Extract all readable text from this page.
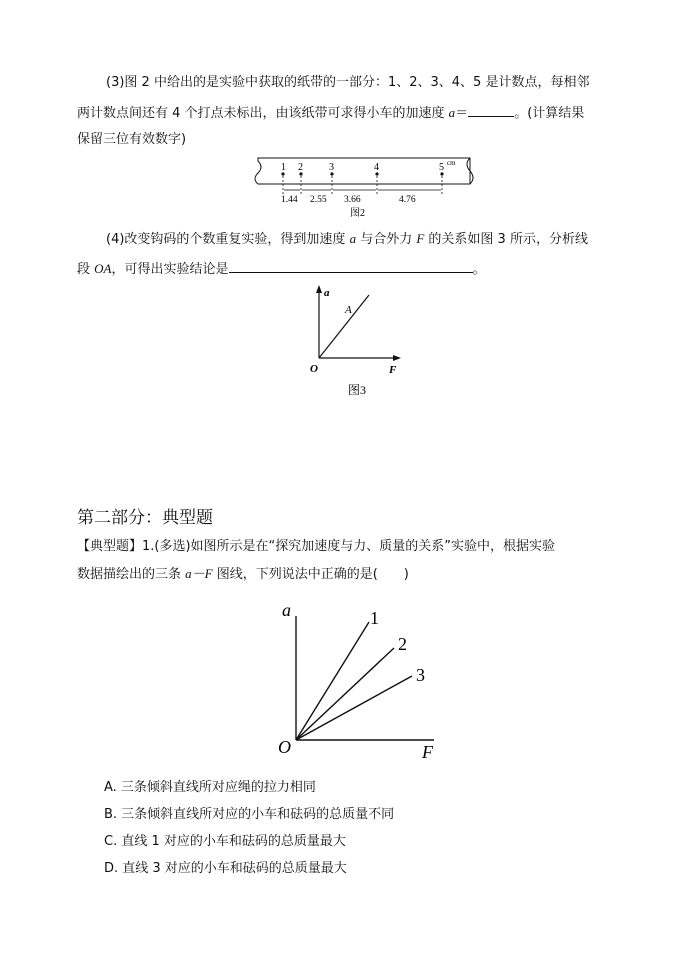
(3)图 2 中给出的是实验中获取的纸带的一部分：1、2、3、4、5 是计数点，每相邻
两计数点间还有 4 个打点未标出，由该纸带可求得小车的加速度 a＝	。(计算结果
保留三位有效数字)
1 2	3	4	5 cm
1.44 2.55 3.66	4.76
图2
(4)改变钩码的个数重复实验，得到加速度 a 与合外力 F 的关系如图 3 所示，分析线
段 OA，可得出实验结论是	。
a
F
O
A
图3
第二部分：典型题
【典型题】1.(多选)如图所示是在“探究加速度与力、质量的关系”实验中，根据实验
数据描绘出的三条 a－F 图线，下列说法中正确的是(　　)
a
F
O
1
2
3
A. 三条倾斜直线所对应绳的拉力相同
B. 三条倾斜直线所对应的小车和砝码的总质量不同
C. 直线 1 对应的小车和砝码的总质量最大
D. 直线 3 对应的小车和砝码的总质量最大
